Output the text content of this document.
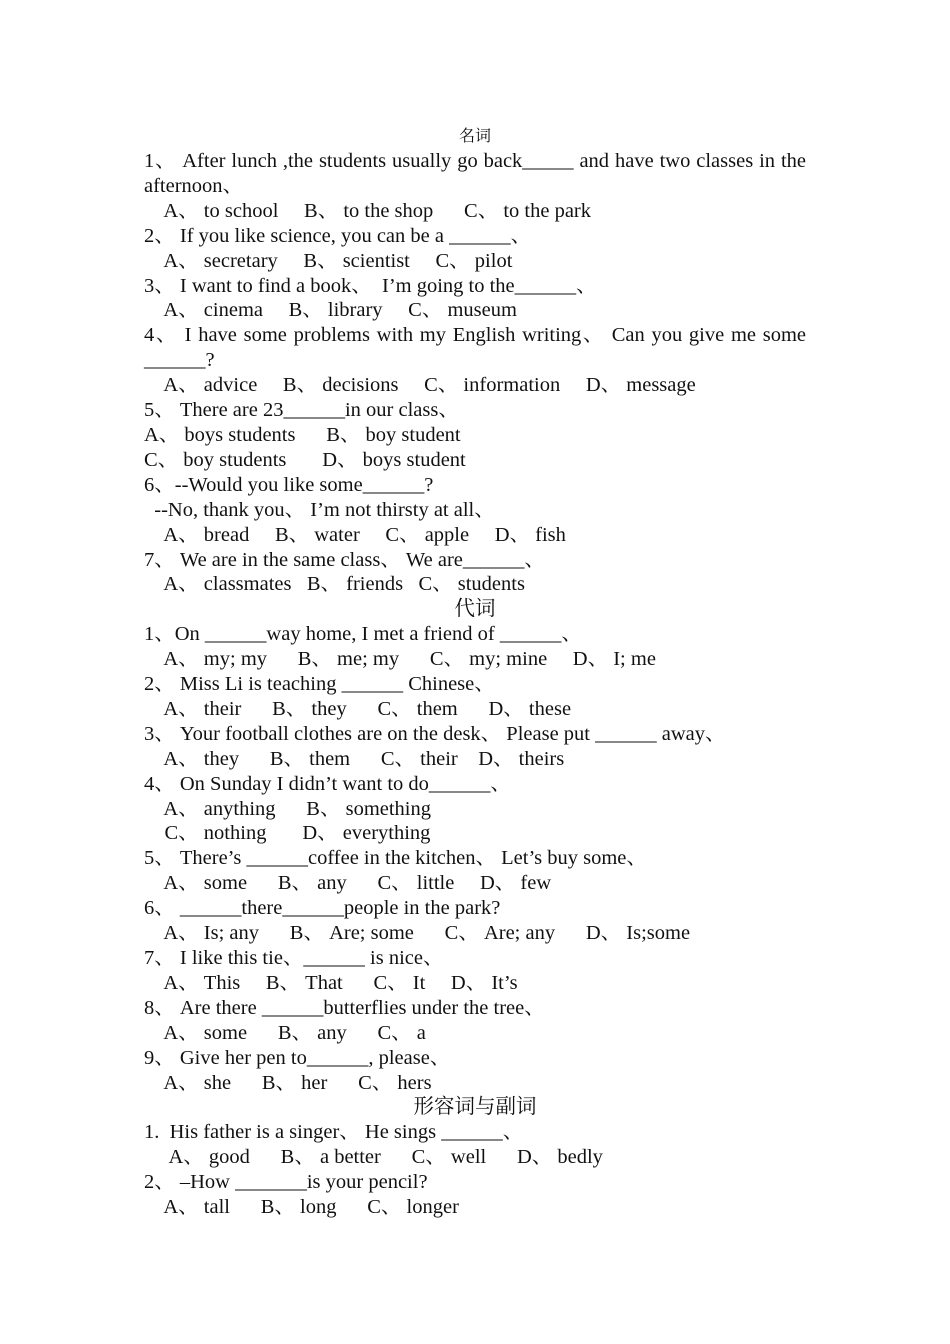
名词
1、 After lunch ,the students usually go back_____ and have two classes in the afternoon、
A、 to school     B、 to the shop      C、 to the park
2、 If you like science, you can be a ______、
A、 secretary     B、 scientist     C、 pilot
3、 I want to find a book、  I’m going to the______、
A、 cinema     B、 library     C、 museum
4、 I have some problems with my English writing、 Can you give me some ______?
A、 advice     B、 decisions     C、 information     D、 message
5、 There are 23______in our class、
A、 boys students      B、 boy student
C、 boy students       D、 boys student
6、--Would you like some______?
--No, thank you、 I’m not thirsty at all、
A、 bread     B、 water     C、 apple     D、 fish
7、 We are in the same class、 We are______、
A、 classmates   B、 friends   C、 students
代词
1、On ______way home, I met a friend of ______、
A、 my; my      B、 me; my      C、 my; mine     D、 I; me
2、 Miss Li is teaching ______ Chinese、
A、 their      B、 they      C、 them      D、 these
3、 Your football clothes are on the desk、 Please put ______ away、
A、 they      B、 them      C、 their    D、 theirs
4、 On Sunday I didn’t want to do______、
A、 anything      B、 something
C、 nothing       D、 everything
5、 There’s ______coffee in the kitchen、 Let’s buy some、
A、 some      B、 any      C、 little     D、 few
6、 ______there______people in the park?
A、 Is; any      B、 Are; some      C、 Are; any      D、 Is;some
7、 I like this tie、______ is nice、
A、 This     B、 That      C、 It     D、 It’s
8、 Are there ______butterflies under the tree、
A、 some      B、 any      C、 a
9、 Give her pen to______, please、
A、 she      B、 her      C、 hers
形容词与副词
1.  His father is a singer、 He sings ______、
A、 good      B、 a better      C、 well      D、 bedly
2、 –How _______is your pencil?
A、 tall      B、 long      C、 longer
